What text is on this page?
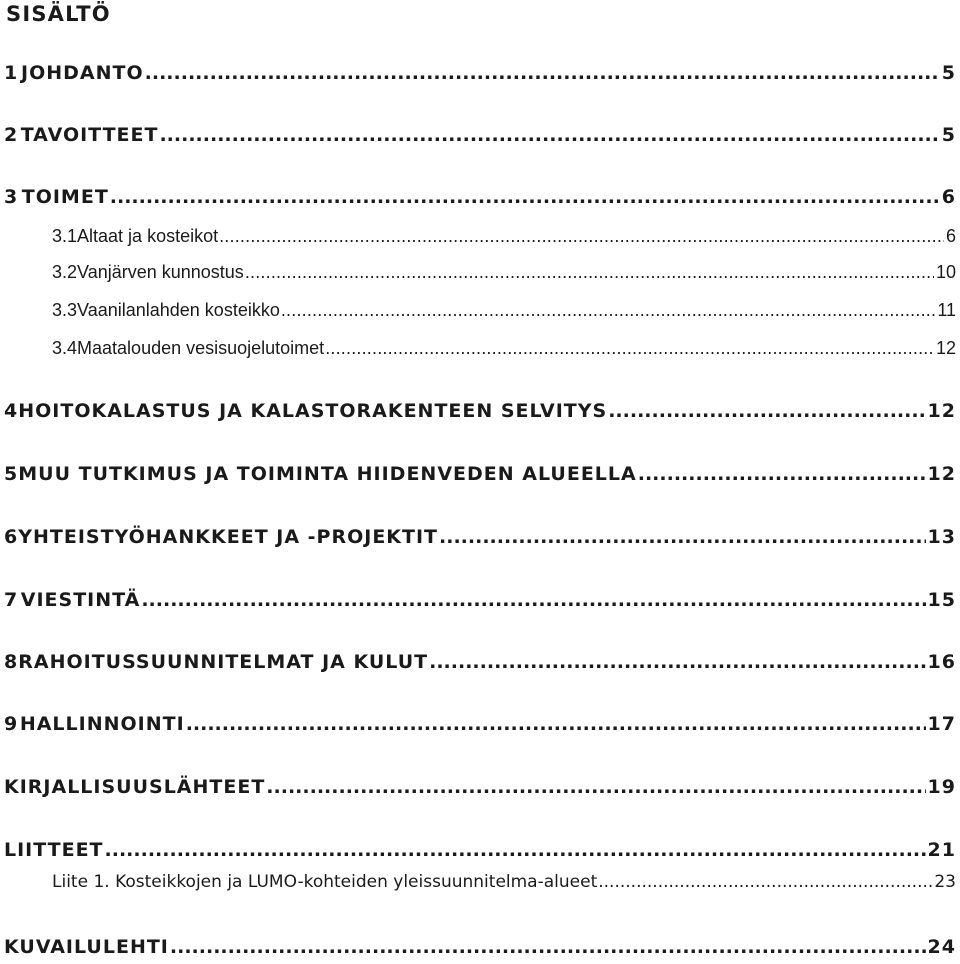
SISÄLTÖ
1 JOHDANTO .....	5
2 TAVOITTEET .....	5
3 TOIMET .....	6
3.1 Altaat ja kosteikot .....	6
3.2 Vanjärven kunnostus .....	10
3.3 Vaanilanlahden kosteikko .....	11
3.4 Maatalouden vesisuojelutoimet .....	12
4 HOITOKALASTUS JA KALASTORAKENTEEN SELVITYS .....	12
5 MUU TUTKIMUS JA TOIMINTA HIIDENVEDEN ALUEELLA .....	12
6 YHTEISTYÖHANKKEET JA -PROJEKTIT .....	13
7 VIESTINTÄ .....	15
8 RAHOITUSSUUNNITELMAT JA KULUT .....	16
9 HALLINNOINTI .....	17
KIRJALLISUUSLÄHTEET .....	19
LIITTEET .....	21
Liite 1. Kosteikkojen ja LUMO-kohteiden yleissuunnitelma-alueet .....	23
KUVAILULEHTI .....	24
